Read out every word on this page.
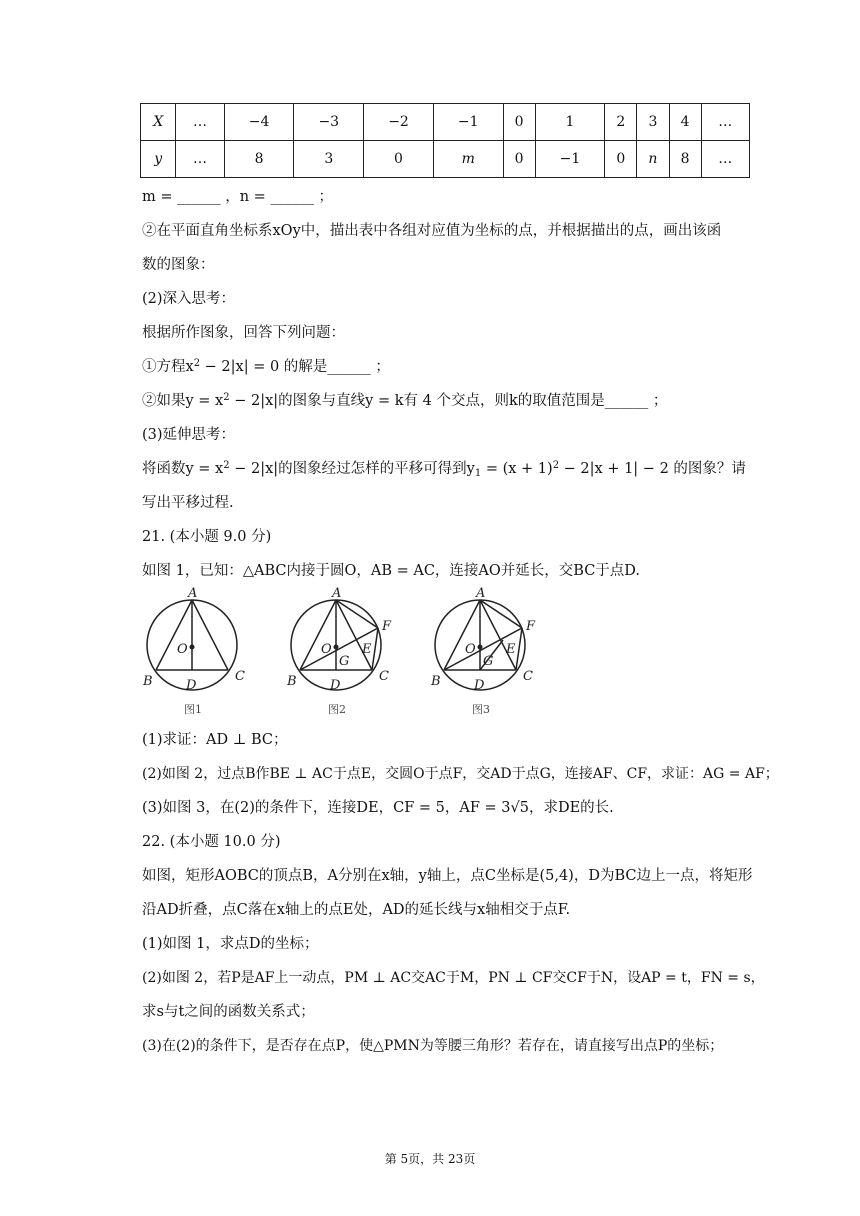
X	…	−4	−3	−2	−1	0	1	2	3	4	…
y	…	8	3	0	m	0	−1	0	n	8	…
m = ______ ，n = ______ ；
②在平面直角坐标系xOy中，描出表中各组对应值为坐标的点，并根据描出的点，画出该函
数的图象：
(2)深入思考：
根据所作图象，回答下列问题：
①方程$x^2 - 2|x| = 0$ 的解是______ ；
②如果$y = x^2 - 2|x|$的图象与直线y = k有 4 个交点，则k的取值范围是______ ；
(3)延伸思考：
将函数$y = x^2 - 2|x|$的图象经过怎样的平移可得到$y_1 = (x + 1)^2 - 2|x + 1| - 2$ 的图象？请
写出平移过程.
21. (本小题 9.0 分)
如图 1，已知：△ABC内接于圆O，AB = AC，连接AO并延长，交BC于点D.
A
O
B	D
C
图1
A
O
G
E
F
B	D
C
图2
A
O
G
E
F
B	D
C
图3
(1)求证：AD ⊥ BC；
(2)如图 2，过点B作BE ⊥ AC于点E，交圆O于点F，交AD于点G，连接AF、CF，求证：AG = AF；
(3)如图 3，在(2)的条件下，连接DE，CF = 5，AF = 3√5，求DE的长.
22. (本小题 10.0 分)
如图，矩形AOBC的顶点B，A分别在x轴，y轴上，点C坐标是(5,4)，D为BC边上一点，将矩形
沿AD折叠，点C落在x轴上的点E处，AD的延长线与x轴相交于点F.
(1)如图 1，求点D的坐标；
(2)如图 2，若P是AF上一动点，PM ⊥ AC交AC于M，PN ⊥ CF交CF于N，设AP = t，FN = s，
求s与t之间的函数关系式；
(3)在(2)的条件下，是否存在点P，使△PMN为等腰三角形？若存在，请直接写出点P的坐标；
第 5页，共 23页
